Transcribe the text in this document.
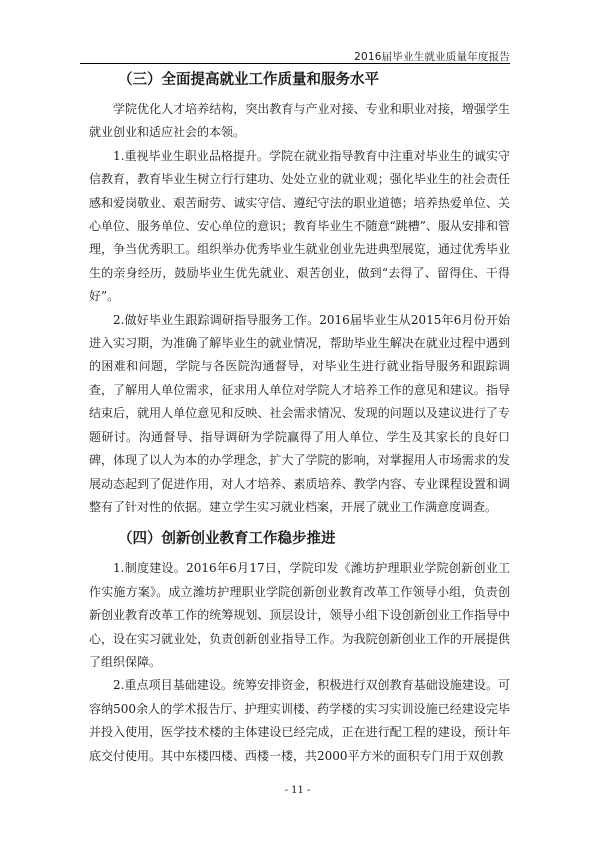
2016届毕业生就业质量年度报告
（三）全面提高就业工作质量和服务水平

学院优化人才培养结构，突出教育与产业对接、专业和职业对接，增强学生就业创业和适应社会的本领。

1.重视毕业生职业品格提升。学院在就业指导教育中注重对毕业生的诚实守信教育，教育毕业生树立行行建功、处处立业的就业观；强化毕业生的社会责任感和爱岗敬业、艰苦耐劳、诚实守信、遵纪守法的职业道德；培养热爱单位、关心单位、服务单位、安心单位的意识；教育毕业生不随意“跳槽”、服从安排和管理，争当优秀职工。组织举办优秀毕业生就业创业先进典型展览，通过优秀毕业生的亲身经历，鼓励毕业生优先就业、艰苦创业，做到“去得了、留得住、干得好”。

2.做好毕业生跟踪调研指导服务工作。2016届毕业生从2015年6月份开始进入实习期，为准确了解毕业生的就业情况，帮助毕业生解决在就业过程中遇到的困难和问题，学院与各医院沟通督导，对毕业生进行就业指导服务和跟踪调查，了解用人单位需求，征求用人单位对学院人才培养工作的意见和建议。指导结束后，就用人单位意见和反映、社会需求情况、发现的问题以及建议进行了专题研讨。沟通督导、指导调研为学院赢得了用人单位、学生及其家长的良好口碑，体现了以人为本的办学理念，扩大了学院的影响，对掌握用人市场需求的发展动态起到了促进作用，对人才培养、素质培养、教学内容、专业课程设置和调整有了针对性的依据。建立学生实习就业档案，开展了就业工作满意度调查。

（四）创新创业教育工作稳步推进

1.制度建设。2016年6月17日，学院印发《潍坊护理职业学院创新创业工作实施方案》。成立潍坊护理职业学院创新创业教育改革工作领导小组，负责创新创业教育改革工作的统筹规划、顶层设计，领导小组下设创新创业工作指导中心，设在实习就业处，负责创新创业指导工作。为我院创新创业工作的开展提供了组织保障。

2.重点项目基础建设。统筹安排资金，积极进行双创教育基础设施建设。可容纳500余人的学术报告厅、护理实训楼、药学楼的实习实训设施已经建设完毕并投入使用，医学技术楼的主体建设已经完成，正在进行配工程的建设，预计年底交付使用。其中东楼四楼、西楼一楼，共2000平方米的面积专门用于双创教

- 11 -
